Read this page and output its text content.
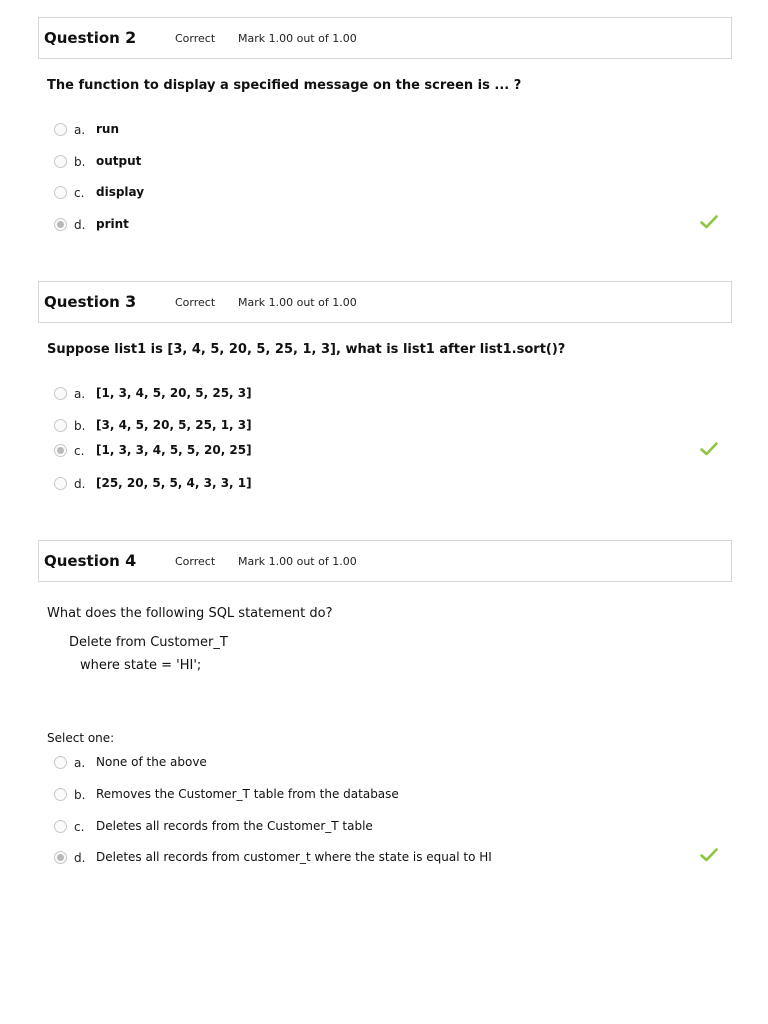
Question 2	Correct Mark 1.00 out of 1.00
The function to display a specified message on the screen is ... ?
a. run
b. output
c. display
d. print
Question 3	Correct Mark 1.00 out of 1.00
Suppose list1 is [3, 4, 5, 20, 5, 25, 1, 3], what is list1 after list1.sort()?
a. [1, 3, 4, 5, 20, 5, 25, 3]
b. [3, 4, 5, 20, 5, 25, 1, 3]
c. [1, 3, 3, 4, 5, 5, 20, 25]
d. [25, 20, 5, 5, 4, 3, 3, 1]
Question 4	Correct Mark 1.00 out of 1.00
What does the following SQL statement do?
Delete from Customer_T
where state = 'HI';
Select one:
a. None of the above
b. Removes the Customer_T table from the database
c. Deletes all records from the Customer_T table
d. Deletes all records from customer_t where the state is equal to HI
